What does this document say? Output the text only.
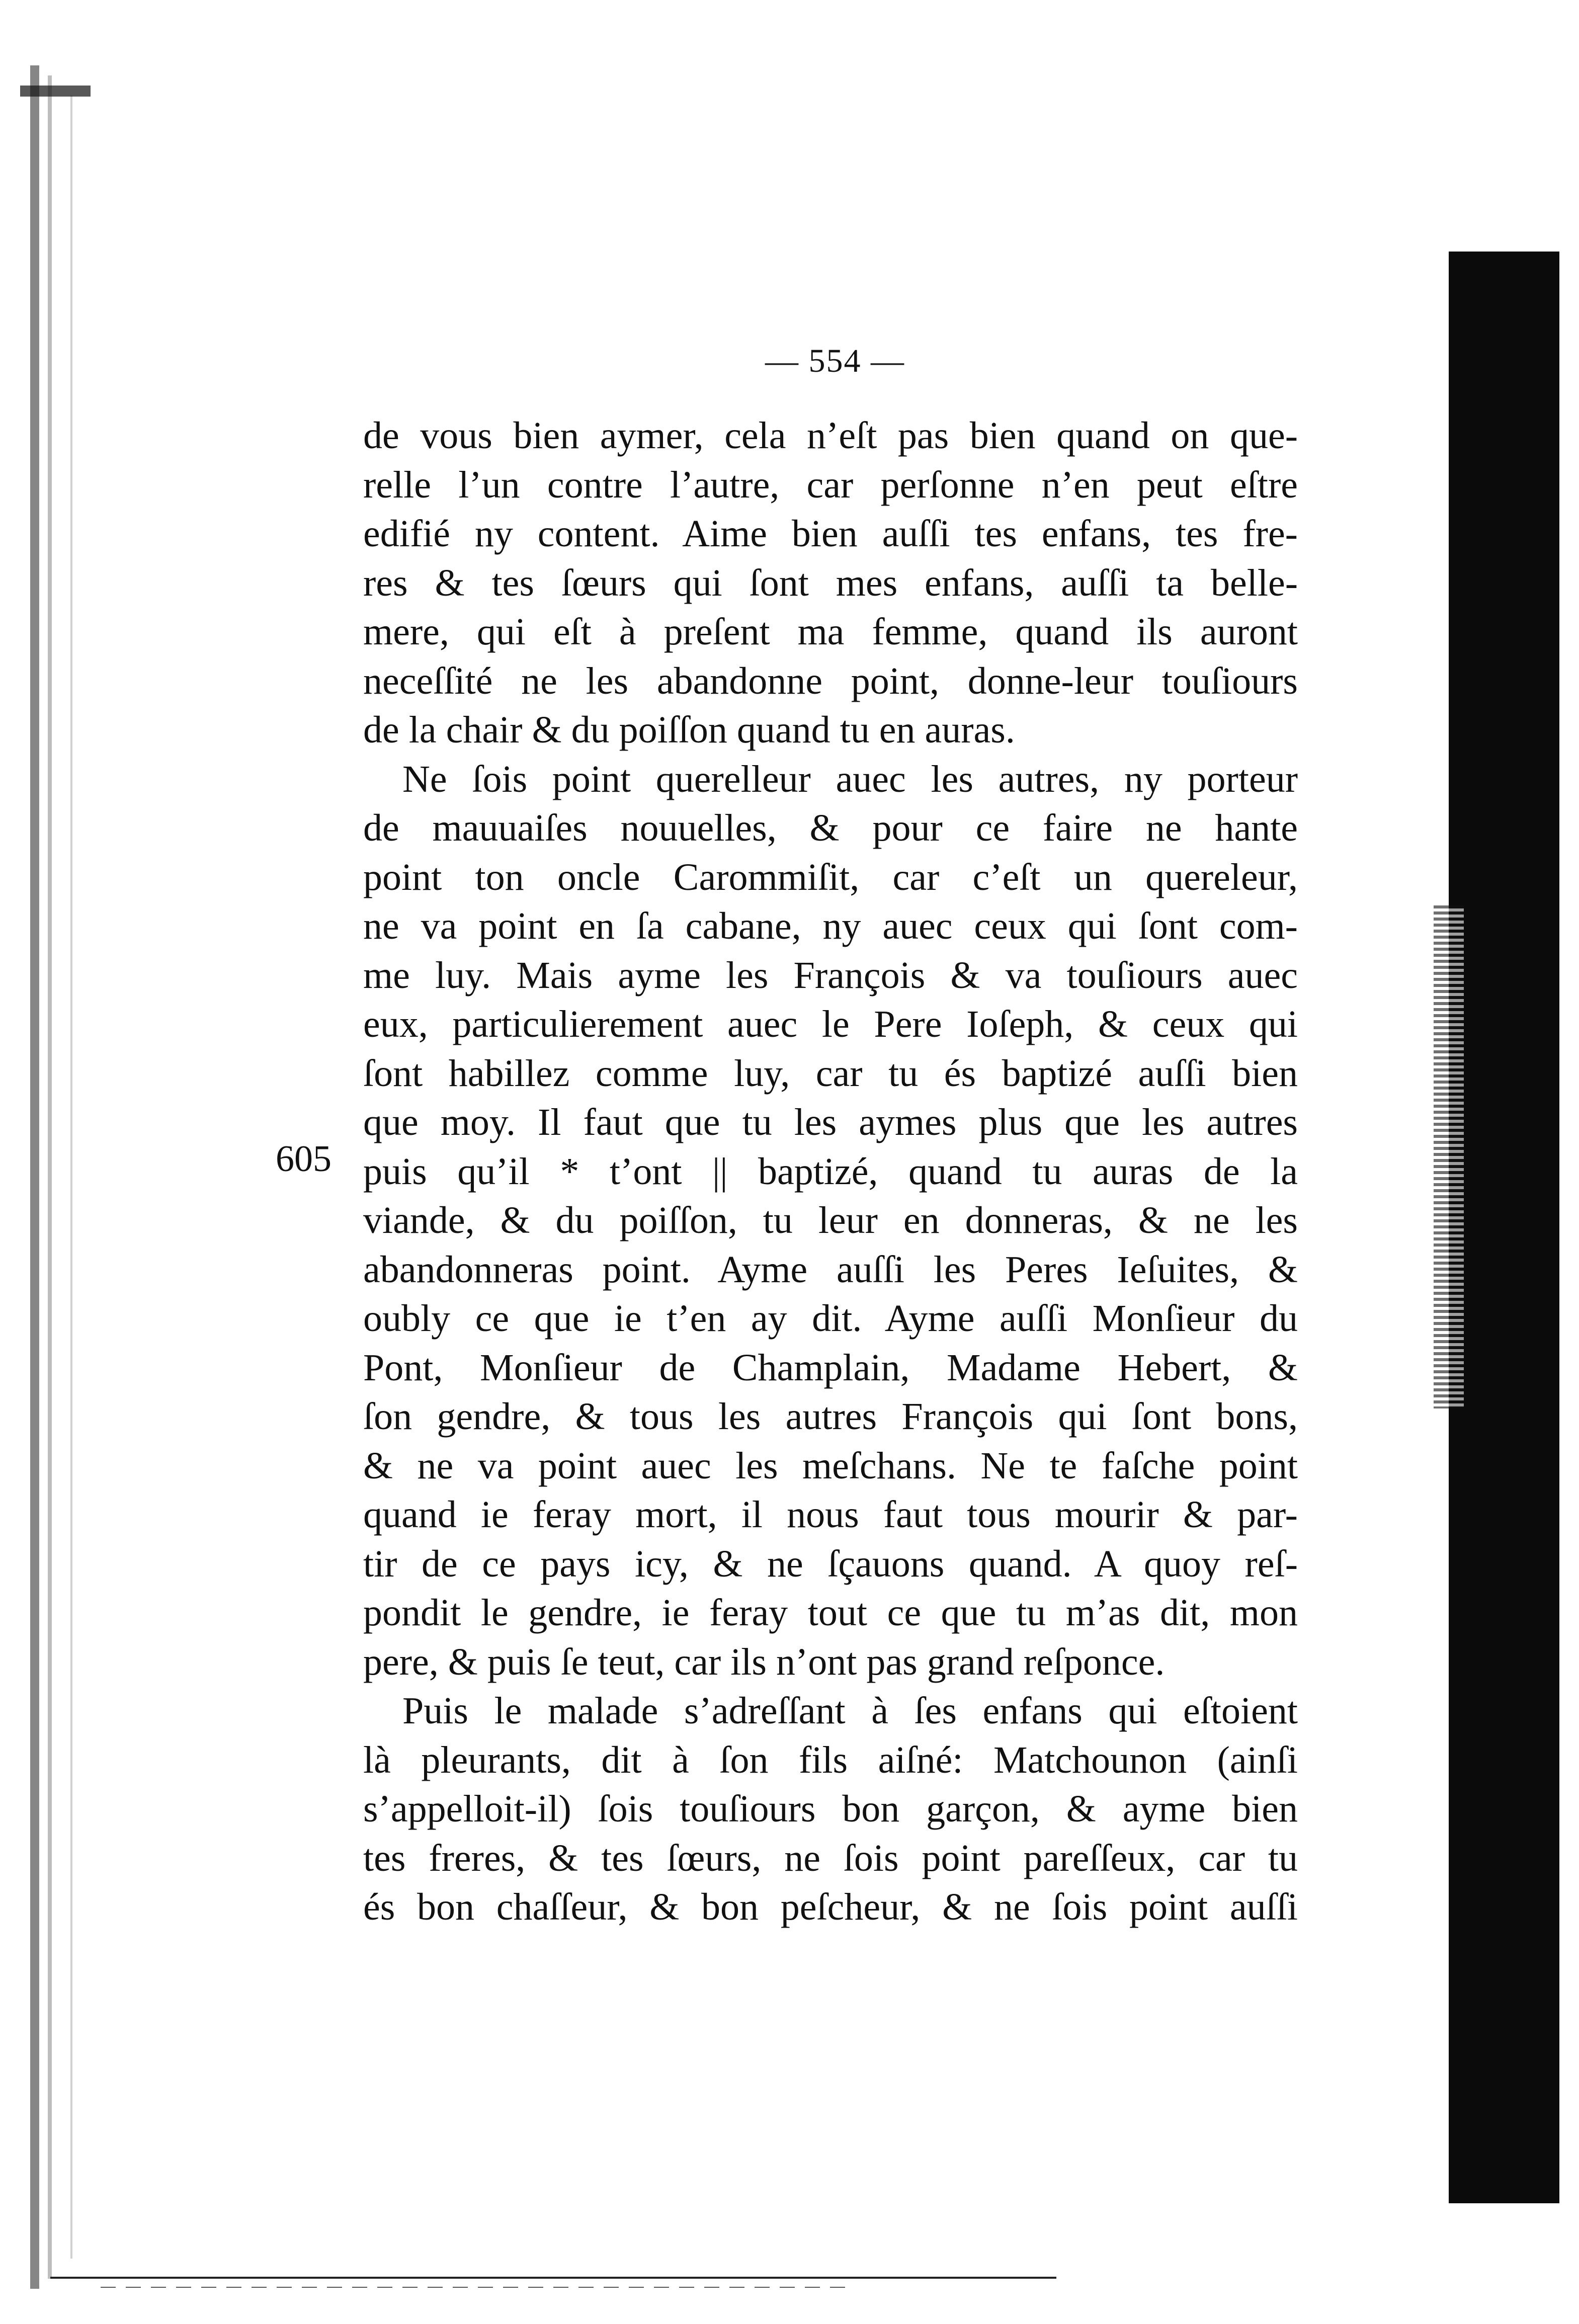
— 554 —
605
de vous bien aymer, cela n’eſt pas bien quand on que-
relle l’un contre l’autre, car perſonne n’en peut eſtre
edifié ny content. Aime bien auſſi tes enfans, tes fre-
res & tes ſœurs qui ſont mes enfans, auſſi ta belle-
mere, qui eſt à preſent ma femme, quand ils auront
neceſſité ne les abandonne point, donne-leur touſiours
de la chair & du poiſſon quand tu en auras.
Ne ſois point querelleur auec les autres, ny porteur
de mauuaiſes nouuelles, & pour ce faire ne hante
point ton oncle Carommiſit, car c’eſt un quereleur,
ne va point en ſa cabane, ny auec ceux qui ſont com-
me luy. Mais ayme les François & va touſiours auec
eux, particulierement auec le Pere Ioſeph, & ceux qui
ſont habillez comme luy, car tu és baptizé auſſi bien
que moy. Il faut que tu les aymes plus que les autres
puis qu’il * t’ont || baptizé, quand tu auras de la
viande, & du poiſſon, tu leur en donneras, & ne les
abandonneras point. Ayme auſſi les Peres Ieſuites, &
oubly ce que ie t’en ay dit. Ayme auſſi Monſieur du
Pont, Monſieur de Champlain, Madame Hebert, &
ſon gendre, & tous les autres François qui ſont bons,
& ne va point auec les meſchans. Ne te faſche point
quand ie feray mort, il nous faut tous mourir & par-
tir de ce pays icy, & ne ſçauons quand. A quoy reſ-
pondit le gendre, ie feray tout ce que tu m’as dit, mon
pere, & puis ſe teut, car ils n’ont pas grand reſponce.
Puis le malade s’adreſſant à ſes enfans qui eſtoient
là pleurants, dit à ſon fils aiſné: Matchounon (ainſi
s’appelloit-il) ſois touſiours bon garçon, & ayme bien
tes freres, & tes ſœurs, ne ſois point pareſſeux, car tu
és bon chaſſeur, & bon peſcheur, & ne ſois point auſſi
